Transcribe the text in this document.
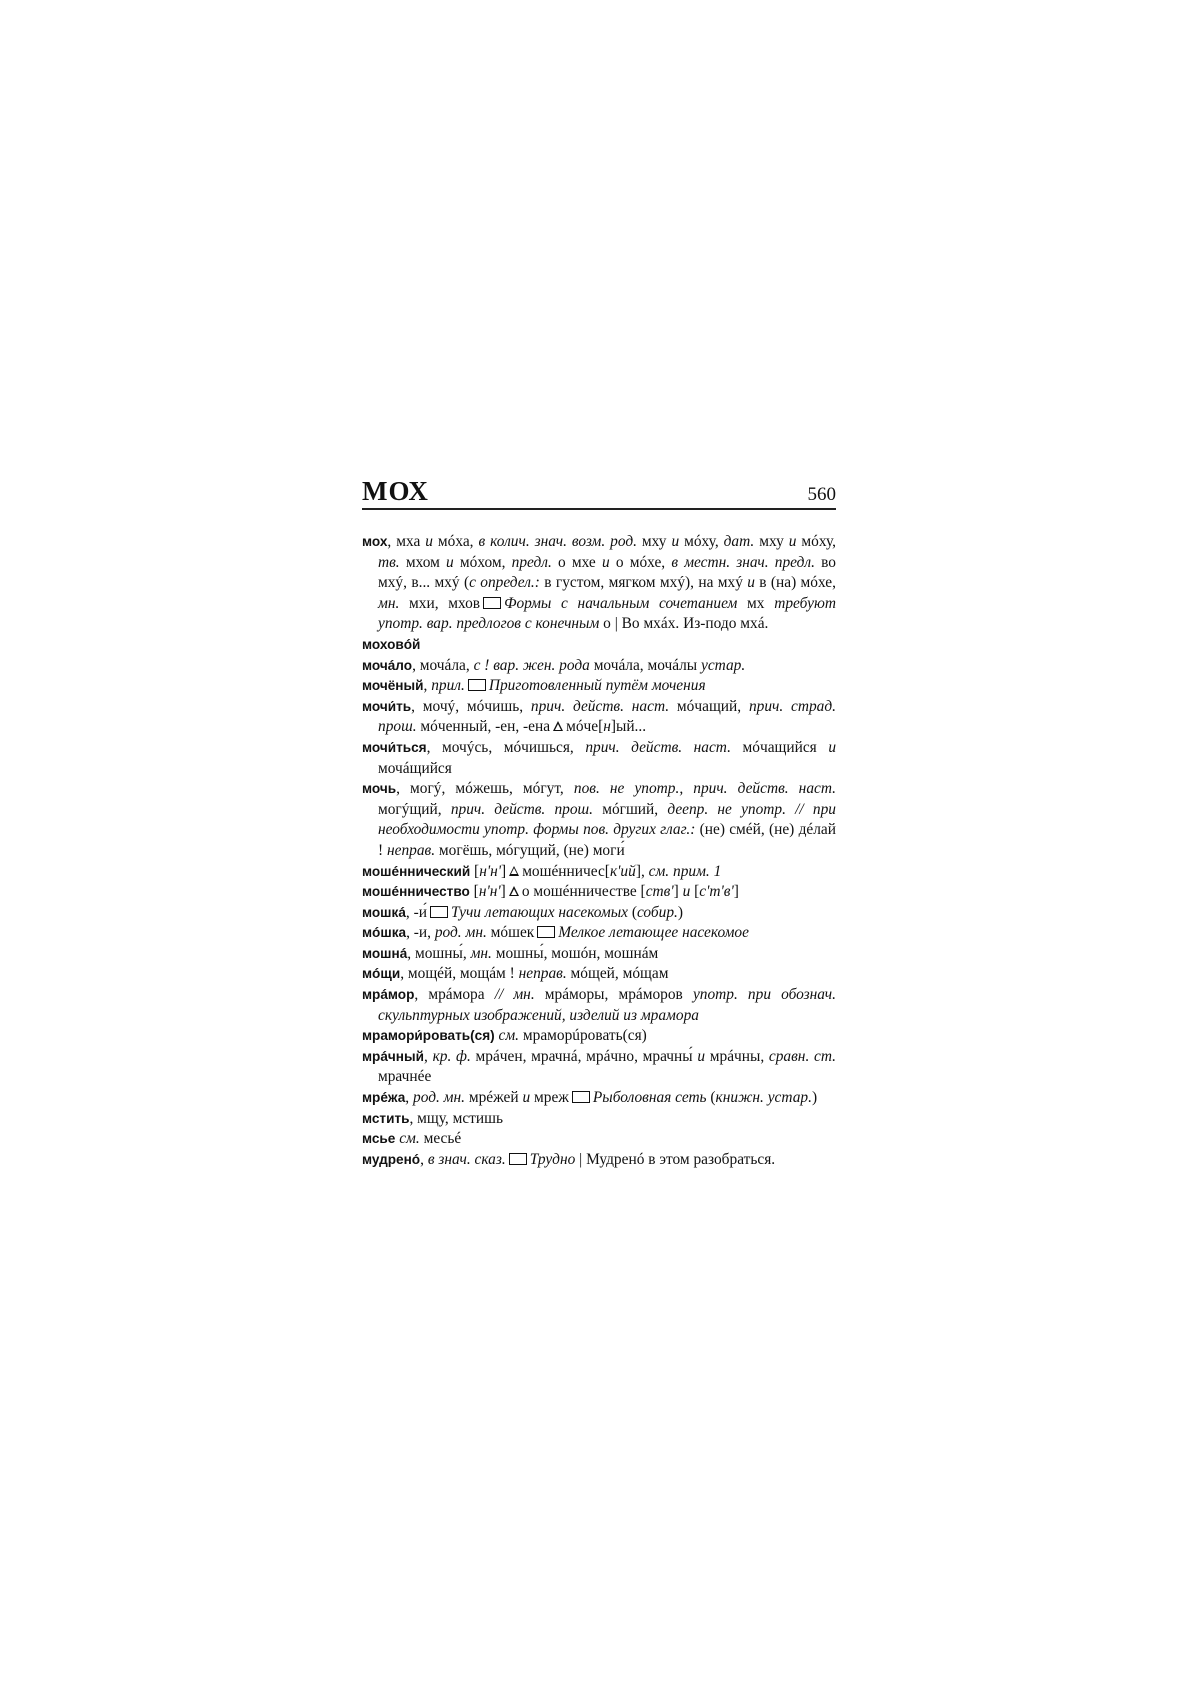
МОХ	560

мох, мха и мóха, в колич. знач. возм. род. мху и мóху, дат. мху и мóху, тв. мхом и мóхом, предл. о мхе и о мóхе, в местн. знач. предл. во мхý, в... мхý (с определ.: в густом, мягком мхý), на мхý и в (на) мóхе, мн. мхи, мхов Формы с начальным сочетанием мх требуют употр. вар. предлогов с конечным о | Во мхáх. Из-подо мхá.

моховóй

мочáло, мочáла, с ! вар. жен. рода мочáла, мочáлы устар.

мочёный, прил. Приготовленный путём мочения

мочи́ть, мочý, мóчишь, прич. действ. наст. мóчащий, прич. страд. прош. мóченный, -ен, -ена мóче[н]ый...

мочи́ться, мочýсь, мóчишься, прич. действ. наст. мóчащийся и мочáщийся

мочь, могý, мóжешь, мóгут, пов. не употр., прич. действ. наст. могýщий, прич. действ. прош. мóгший, деепр. не употр. // при необходимости употр. формы пов. других глаг.: (не) смéй, (не) дéлай ! неправ. могёшь, мóгущий, (не) моги́

мошéннический [н'н'] мошéнничес[к'ий], см. прим. 1

мошéнничество [н'н'] о мошéнничестве [ств'] и [с'т'в']

мошкá, -и́ Тучи летающих насекомых (собир.)

мóшка, -и, род. мн. мóшек Мелкое летающее насекомое

мошнá, мошны́, мн. мошны́, мошóн, мошнáм

мóщи, мощéй, мощáм ! неправ. мóщей, мóщам

мрáмор, мрáмора // мн. мрáморы, мрáморов употр. при обознач. скульптурных изображений, изделий из мрамора

мрамори́ровать(ся) см. мраморúровать(ся)

мрáчный, кр. ф. мрáчен, мрачнá, мрáчно, мрачны́ и мрáчны, сравн. ст. мрачнéе

мрéжа, род. мн. мрéжей и мреж Рыболовная сеть (книжн. устар.)

мстить, мщу, мстишь

мсье см. месьé

мудренó, в знач. сказ. Трудно | Мудренó в этом разобраться.
